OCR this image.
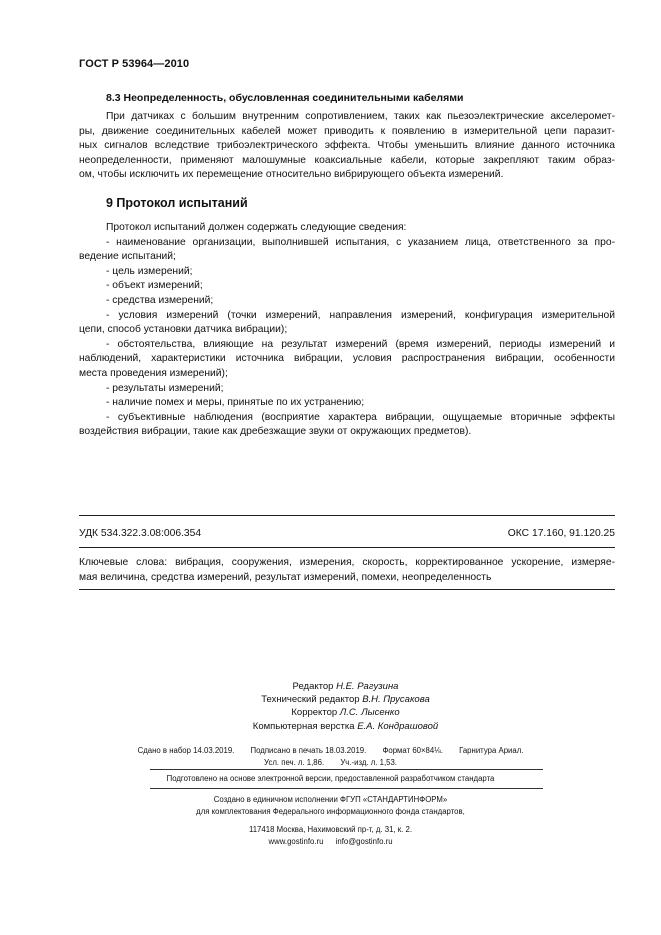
ГОСТ Р 53964—2010
8.3 Неопределенность, обусловленная соединительными кабелями

При датчиках с большим внутренним сопротивлением, таких как пьезоэлектрические акселеромет-
ры, движение соединительных кабелей может приводить к появлению в измерительной цепи паразит-
ных сигналов вследствие трибоэлектрического эффекта. Чтобы уменьшить влияние данного источника
неопределенности, применяют малошумные коаксиальные кабели, которые закрепляют таким образ-
ом, чтобы исключить их перемещение относительно вибрирующего объекта измерений.

9 Протокол испытаний

Протокол испытаний должен содержать следующие сведения:
- наименование организации, выполнившей испытания, с указанием лица, ответственного за про-
ведение испытаний;
- цель измерений;
- объект измерений;
- средства измерений;
- условия измерений (точки измерений, направления измерений, конфигурация измерительной
цепи, способ установки датчика вибрации);
- обстоятельства, влияющие на результат измерений (время измерений, периоды измерений и
наблюдений, характеристики источника вибрации, условия распространения вибрации, особенности
места проведения измерений);
- результаты измерений;
- наличие помех и меры, принятые по их устранению;
- субъективные наблюдения (восприятие характера вибрации, ощущаемые вторичные эффекты
воздействия вибрации, такие как дребезжащие звуки от окружающих предметов).

УДК 534.322.3.08:006.354	ОКС 17.160, 91.120.25

Ключевые слова: вибрация, сооружения, измерения, скорость, корректированное ускорение, измеряе-
мая величина, средства измерений, результат измерений, помехи, неопределенность

Редактор Н.Е. Рагузина
Технический редактор В.Н. Прусакова
Корректор Л.С. Лысенко
Компьютерная верстка Е.А. Кондрашовой
Сдано в набор 14.03.2019. Подписано в печать 18.03.2019. Формат 60×84⅛. Гарнитура Ариал.
Усл. печ. л. 1,86. Уч.-изд. л. 1,53.
Подготовлено на основе электронной версии, предоставленной разработчиком стандарта
Создано в единичном исполнении ФГУП «СТАНДАРТИНФОРМ»
для комплектования Федерального информационного фонда стандартов,
117418 Москва, Нахимовский пр-т, д. 31, к. 2.
www.gostinfo.ru info@gostinfo.ru
